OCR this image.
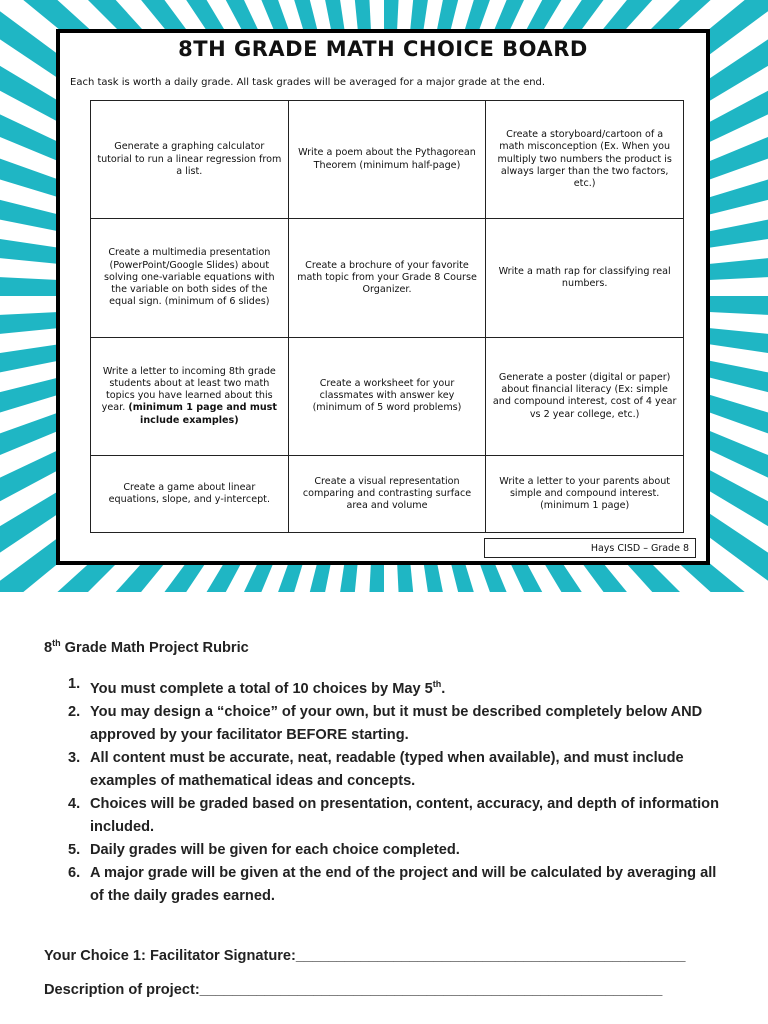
8TH GRADE MATH CHOICE BOARD
Each task is worth a daily grade. All task grades will be averaged for a major grade at the end.
Generate a graphing calculator tutorial to run a linear regression from a list.	Write a poem about the Pythagorean Theorem (minimum half-page)	Create a storyboard/cartoon of a math misconception (Ex. When you multiply two numbers the product is always larger than the two factors, etc.)
Create a multimedia presentation (PowerPoint/Google Slides) about solving one-variable equations with the variable on both sides of the equal sign. (minimum of 6 slides)	Create a brochure of your favorite math topic from your Grade 8 Course Organizer.	Write a math rap for classifying real numbers.
Write a letter to incoming 8th grade students about at least two math topics you have learned about this year. (minimum 1 page and must include examples)	Create a worksheet for your classmates with answer key (minimum of 5 word problems)	Generate a poster (digital or paper) about financial literacy (Ex: simple and compound interest, cost of 4 year vs 2 year college, etc.)
Create a game about linear equations, slope, and y-intercept.	Create a visual representation comparing and contrasting surface area and volume	Write a letter to your parents about simple and compound interest. (minimum 1 page)
Hays CISD – Grade 8
8th Grade Math Project Rubric
1. You must complete a total of 10 choices by May 5th.
2. You may design a “choice” of your own, but it must be described completely below AND approved by your facilitator BEFORE starting.
3. All content must be accurate, neat, readable (typed when available), and must include examples of mathematical ideas and concepts.
4. Choices will be graded based on presentation, content, accuracy, and depth of information included.
5. Daily grades will be given for each choice completed.
6. A major grade will be given at the end of the project and will be calculated by averaging all of the daily grades earned.
Your Choice 1: Facilitator Signature:________________________________________________
Description of project:_________________________________________________________
